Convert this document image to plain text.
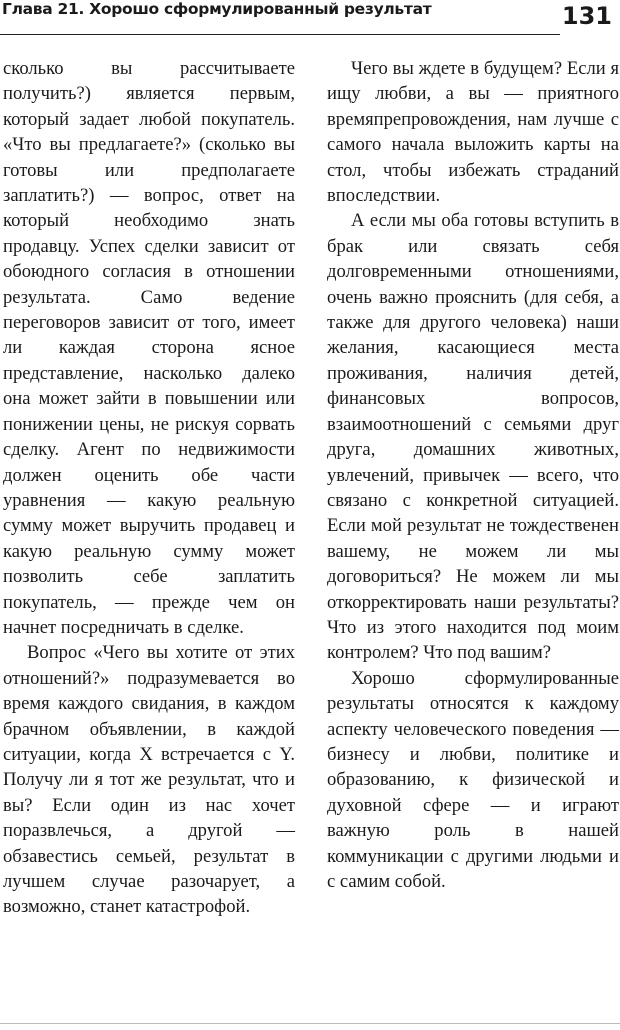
Глава 21. Хорошо сформулированный результат	131

сколько вы рассчитываете получить?) является первым, который задает любой покупатель. «Что вы предлагаете?» (сколько вы готовы или предполагаете заплатить?) — вопрос, ответ на который необходимо знать продавцу. Успех сделки зависит от обоюдного согласия в отношении результата. Само ведение переговоров зависит от того, имеет ли каждая сторона ясное представление, насколько далеко она может зайти в повышении или понижении цены, не рискуя сорвать сделку. Агент по недвижимости должен оценить обе части уравнения — какую реальную сумму может выручить продавец и какую реальную сумму может позволить себе заплатить покупатель, — прежде чем он начнет посредничать в сделке.

Вопрос «Чего вы хотите от этих отношений?» подразумевается во время каждого свидания, в каждом брачном объявлении, в каждой ситуации, когда X встречается с Y. Получу ли я тот же результат, что и вы? Если один из нас хочет поразвлечься, а другой — обзавестись семьей, результат в лучшем случае разочарует, а возможно, станет катастрофой.

Чего вы ждете в будущем? Если я ищу любви, а вы — приятного времяпрепровождения, нам лучше с самого начала выложить карты на стол, чтобы избежать страданий впоследствии.

А если мы оба готовы вступить в брак или связать себя долговременными отношениями, очень важно прояснить (для себя, а также для другого человека) наши желания, касающиеся места проживания, наличия детей, финансовых вопросов, взаимоотношений с семьями друг друга, домашних животных, увлечений, привычек — всего, что связано с конкретной ситуацией. Если мой результат не тождественен вашему, не можем ли мы договориться? Не можем ли мы откорректировать наши результаты? Что из этого находится под моим контролем? Что под вашим?

Хорошо сформулированные результаты относятся к каждому аспекту человеческого поведения — бизнесу и любви, политике и образованию, к физической и духовной сфере — и играют важную роль в нашей коммуникации с другими людьми и с самим собой.
